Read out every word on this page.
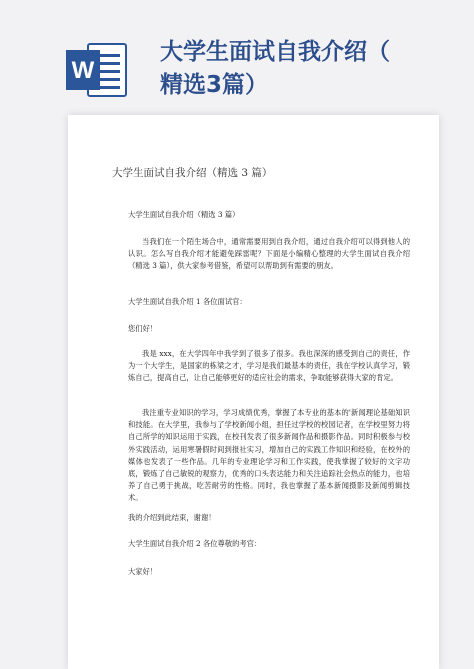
W
大学生面试自我介绍（
精选3篇）
大学生面试自我介绍（精选 3 篇）
大学生面试自我介绍（精选 3 篇）
当我们在一个陌生场合中，通常需要用到自我介绍，通过自我介绍可以得到他人的认识。怎么写自我介绍才能避免踩雷呢？下面是小编精心整理的大学生面试自我介绍（精选 3 篇），供大家参考借鉴，希望可以帮助到有需要的朋友。
大学生面试自我介绍 1 各位面试官：
您们好！
我是 xxx，在大学四年中我学到了很多了很多。我也深深的感受到自己的责任，作为一个大学生，是国家的栋梁之才，学习是我们最基本的责任，我在学校认真学习，锻炼自己，提高自己，让自己能够更好的适应社会的需求，争取能够获得大家的肯定。
我注重专业知识的学习，学习成绩优秀，掌握了本专业的基本的'新闻理论基础知识和技能。在大学里，我参与了学校新闻小组，担任过学校的校园记者，在学校里努力将自己所学的知识运用于实践，在校刊发表了很多新闻作品和摄影作品。同时积极参与校外实践活动，运用寒暑假时间到报社实习，增加自己的实践工作知识和经验，在校外的媒体也发表了一些作品。几年的专业理论学习和工作实践，使我掌握了较好的文字功底，锻炼了自己敏锐的观察力，优秀的口头表达能力和关注追踪社会热点的能力，也培养了自己勇于挑战，吃苦耐劳的性格。同时，我也掌握了基本新闻摄影及新闻剪辑技术。
我的介绍到此结束，谢谢！
大学生面试自我介绍 2 各位尊敬的考官：
大家好！
